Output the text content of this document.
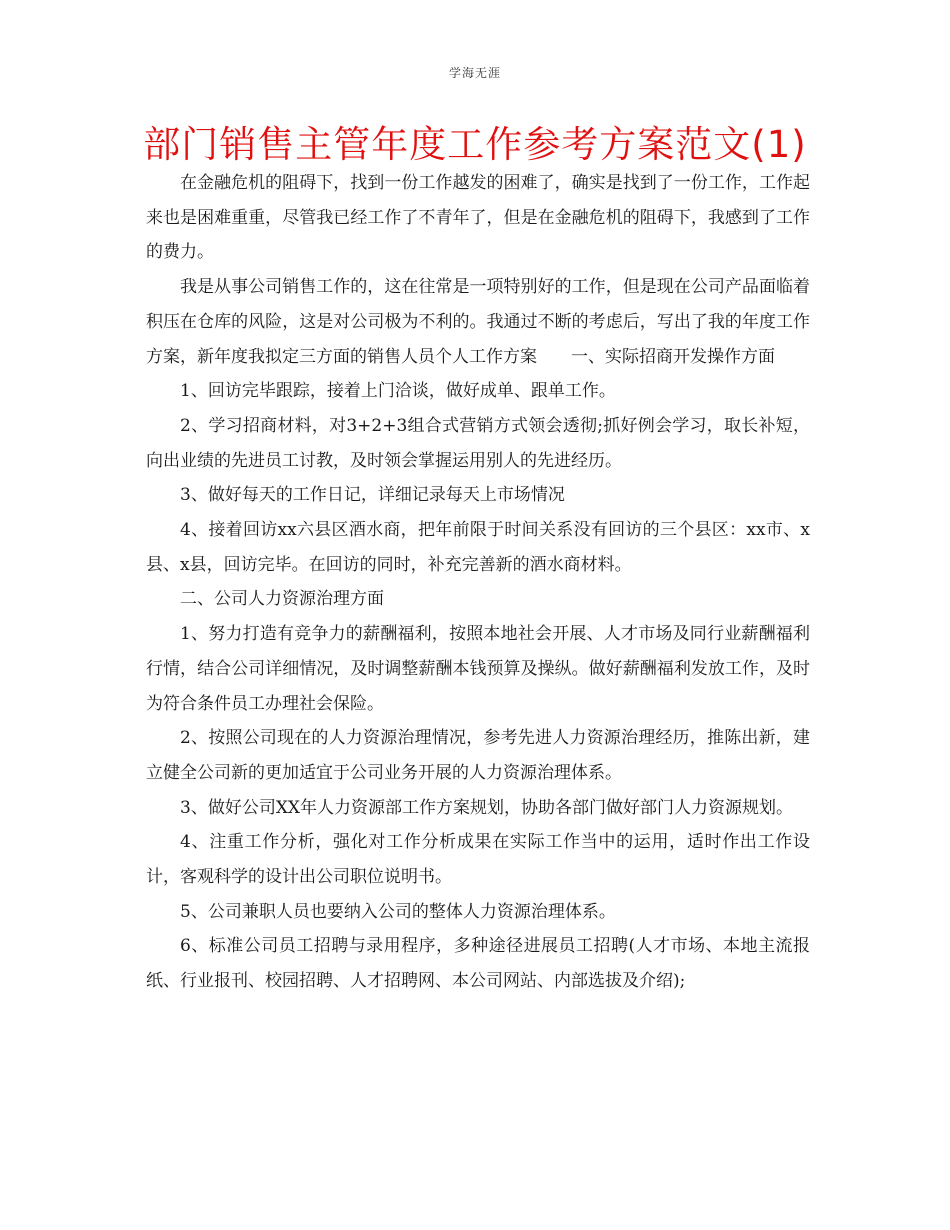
学海无涯
部门销售主管年度工作参考方案范文(1)

在金融危机的阻碍下，找到一份工作越发的困难了，确实是找到了一份工作，工作起来也是困难重重，尽管我已经工作了不青年了，但是在金融危机的阻碍下，我感到了工作的费力。

我是从事公司销售工作的，这在往常是一项特别好的工作，但是现在公司产品面临着积压在仓库的风险，这是对公司极为不利的。我通过不断的考虑后，写出了我的年度工作方案，新年度我拟定三方面的销售人员个人工作方案　　一、实际招商开发操作方面

1、回访完毕跟踪，接着上门洽谈，做好成单、跟单工作。

2、学习招商材料，对3+2+3组合式营销方式领会透彻;抓好例会学习，取长补短，向出业绩的先进员工讨教，及时领会掌握运用别人的先进经历。

3、做好每天的工作日记，详细记录每天上市场情况

4、接着回访xx六县区酒水商，把年前限于时间关系没有回访的三个县区：xx市、x县、x县，回访完毕。在回访的同时，补充完善新的酒水商材料。

二、公司人力资源治理方面

1、努力打造有竞争力的薪酬福利，按照本地社会开展、人才市场及同行业薪酬福利行情，结合公司详细情况，及时调整薪酬本钱预算及操纵。做好薪酬福利发放工作，及时为符合条件员工办理社会保险。

2、按照公司现在的人力资源治理情况，参考先进人力资源治理经历，推陈出新，建立健全公司新的更加适宜于公司业务开展的人力资源治理体系。

3、做好公司XX年人力资源部工作方案规划，协助各部门做好部门人力资源规划。

4、注重工作分析，强化对工作分析成果在实际工作当中的运用，适时作出工作设计，客观科学的设计出公司职位说明书。

5、公司兼职人员也要纳入公司的整体人力资源治理体系。

6、标准公司员工招聘与录用程序，多种途径进展员工招聘(人才市场、本地主流报纸、行业报刊、校园招聘、人才招聘网、本公司网站、内部选拔及介绍);
